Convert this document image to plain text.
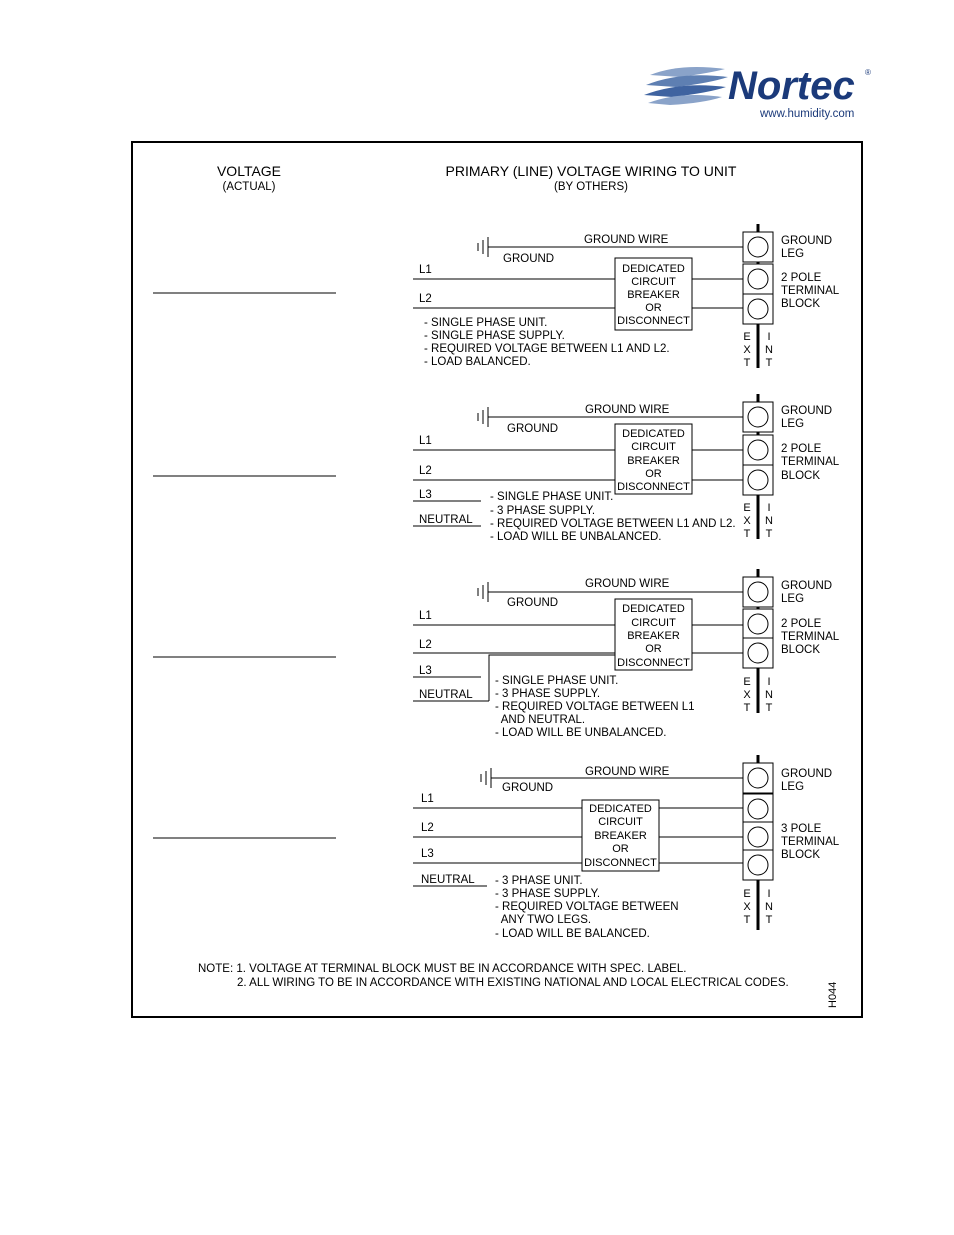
Nortec ®
www.humidity.com
VOLTAGE
(ACTUAL)
PRIMARY (LINE) VOLTAGE WIRING TO UNIT
(BY OTHERS)
GROUND WIRE
GROUND
L1
L2
DEDICATED
CIRCUIT
BREAKER
OR
DISCONNECT
E
X
T
I
N
T
GROUND
LEG
2 POLE
TERMINAL
BLOCK
- SINGLE PHASE UNIT.
- SINGLE PHASE SUPPLY.
- REQUIRED VOLTAGE BETWEEN L1 AND L2.
- LOAD BALANCED.
GROUND WIRE
GROUND
L1
L2
L3
NEUTRAL
DEDICATED
CIRCUIT
BREAKER
OR
DISCONNECT
E
X
T
I
N
T
GROUND
LEG
2 POLE
TERMINAL
BLOCK
- SINGLE PHASE UNIT.
- 3 PHASE SUPPLY.
- REQUIRED VOLTAGE BETWEEN L1 AND L2.
- LOAD WILL BE UNBALANCED.
GROUND WIRE
GROUND
L1
L2
L3
NEUTRAL
DEDICATED
CIRCUIT
BREAKER
OR
DISCONNECT
E
X
T
I
N
T
GROUND
LEG
2 POLE
TERMINAL
BLOCK
- SINGLE PHASE UNIT.
- 3 PHASE SUPPLY.
- REQUIRED VOLTAGE BETWEEN L1
AND NEUTRAL.
- LOAD WILL BE UNBALANCED.
GROUND WIRE
GROUND
L1
L2
L3
NEUTRAL
DEDICATED
CIRCUIT
BREAKER
OR
DISCONNECT
E
X
T
I
N
T
GROUND
LEG
3 POLE
TERMINAL
BLOCK
- 3 PHASE UNIT.
- 3 PHASE SUPPLY.
- REQUIRED VOLTAGE BETWEEN
ANY TWO LEGS.
- LOAD WILL BE BALANCED.
NOTE: 1. VOLTAGE AT TERMINAL BLOCK MUST BE IN ACCORDANCE WITH SPEC. LABEL.
2. ALL WIRING TO BE IN ACCORDANCE WITH EXISTING NATIONAL AND LOCAL ELECTRICAL CODES.	H044
